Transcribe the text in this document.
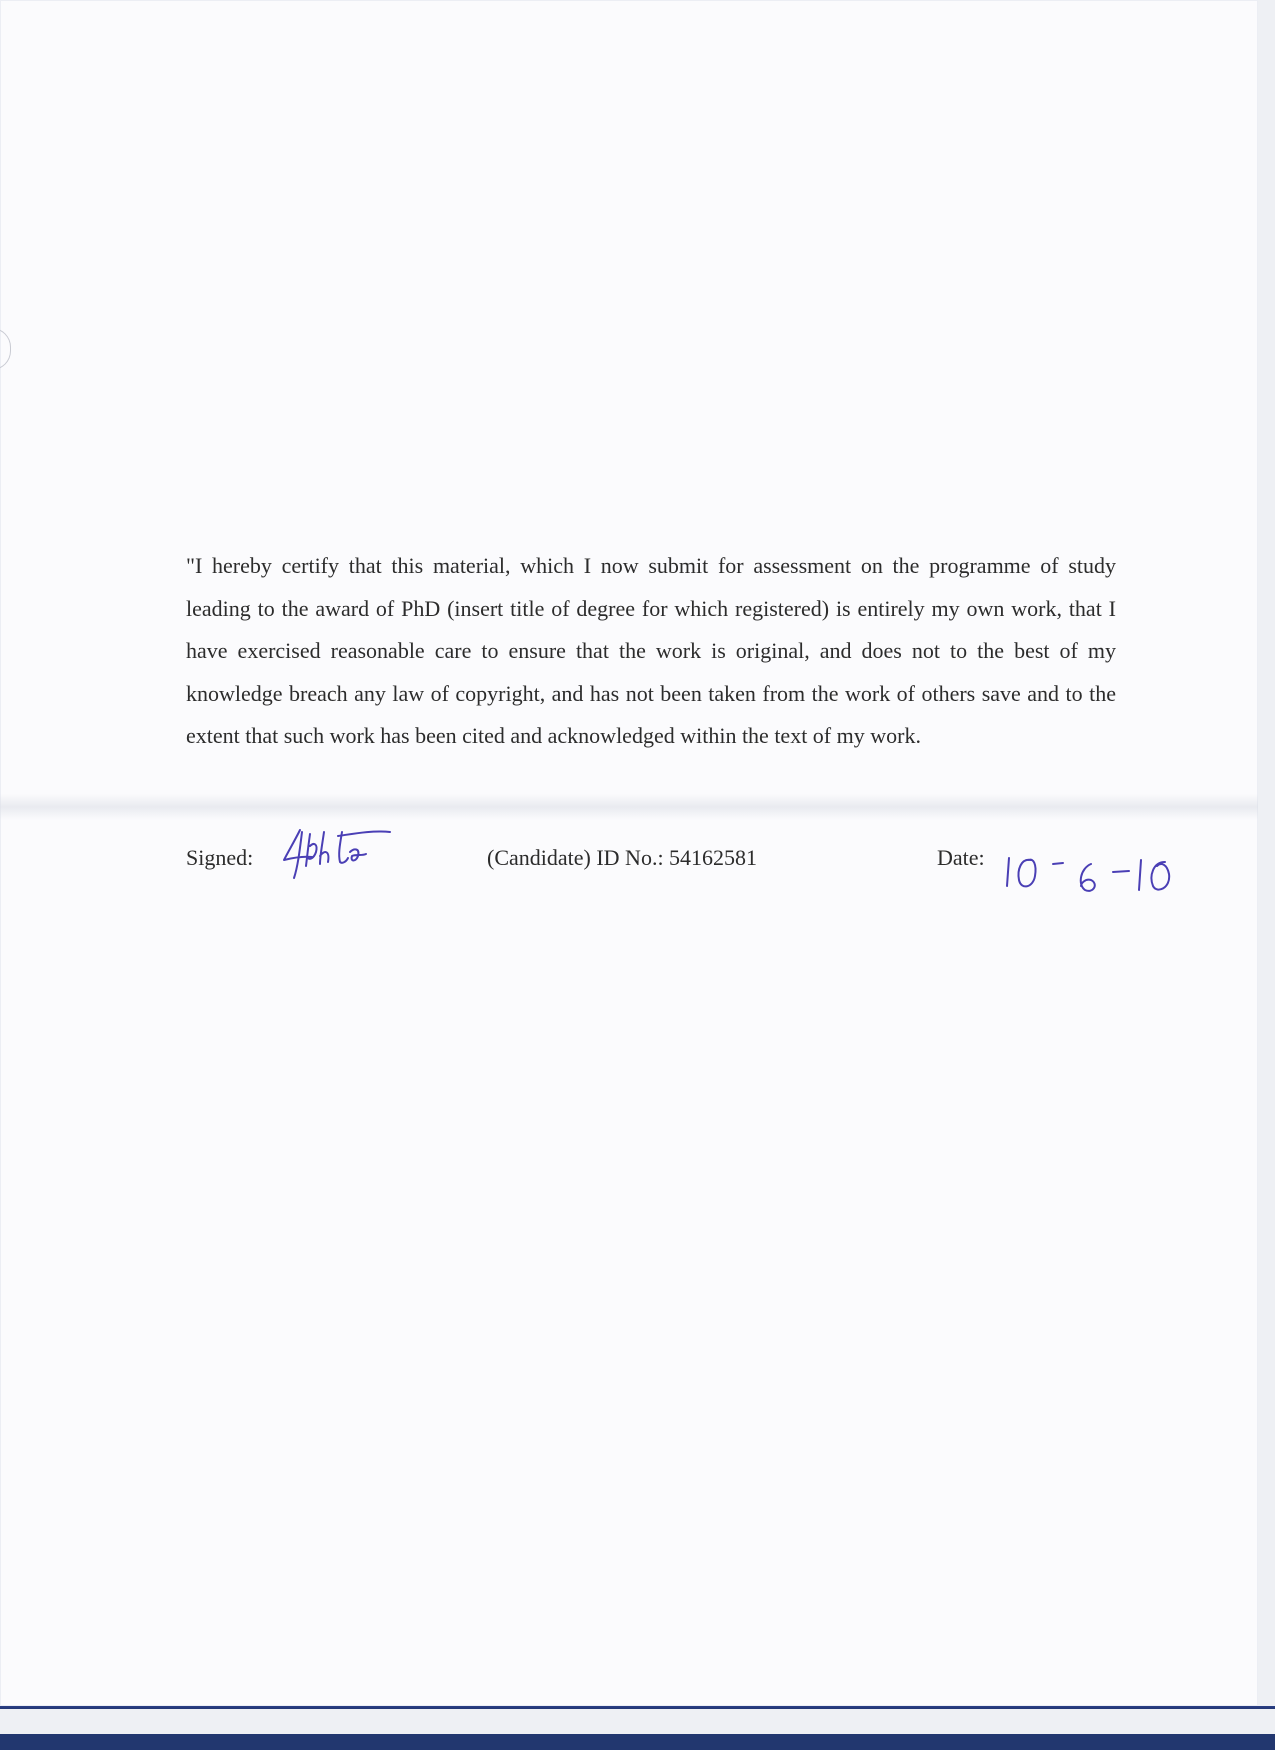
"I hereby certify that this material, which I now submit for assessment on the programme of study leading to the award of PhD (insert title of degree for which registered) is entirely my own work, that I have exercised reasonable care to ensure that the work is original, and does not to the best of my knowledge breach any law of copyright, and has not been taken from the work of others save and to the extent that such work has been cited and acknowledged within the text of my work.

Signed:	(Candidate) ID No.: 54162581	Date:
